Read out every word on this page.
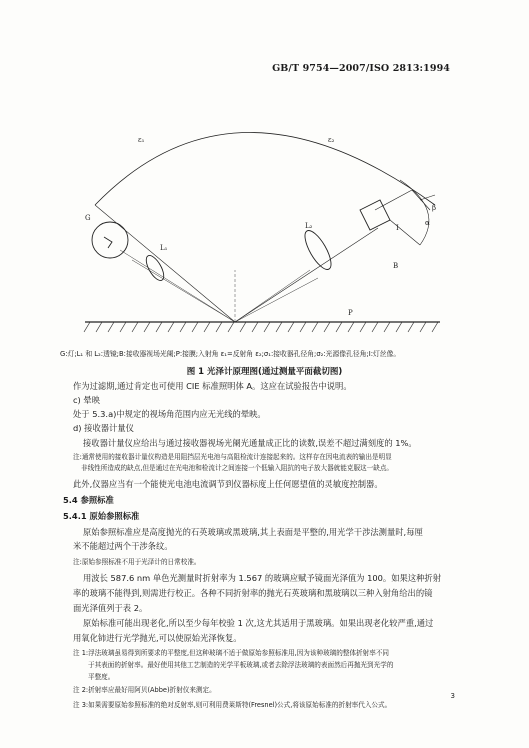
GB/T 9754—2007/ISO 2813:1994
G
L₁
L₂
B
P
ε₁	ε₂
β
α
I
G:灯;L₁ 和 L₂:透镜;B:接收器视场光阑;P:接膜;入射角 ε₁=反射角 ε₂;σ₁:接收器孔径角;σ₂:光源像孔径角;I:灯丝像。
图 1 光泽计原理图(通过测量平面截切图)
作为过滤期,通过肯定也可使用 CIE 标准照明体 A。这应在试验报告中说明。
c) 晕映
处于 5.3.a)中规定的视场角范围内应无光线的晕映。
d) 接收器计量仪
接收器计量仪应给出与通过接收器视场光阑光通量成正比的读数,误差不超过满刻度的 1%。
注:通常使用的接收器计量仪构造是用阻挡层光电池与高阻检流计连接起来的。这样存在因电流表的输出是明显
非线性所造成的缺点,但是通过在光电池和检流计之间连接一个低输入阻抗的电子放大器就能克服这一缺点。
此外,仪器应当有一个能使光电池电流调节到仪器标度上任何愿望值的灵敏度控制器。
5.4 参照标准
5.4.1 原始参照标准
原始参照标准应是高度抛光的石英玻璃或黑玻璃,其上表面是平整的,用光学干涉法测量时,每厘
米不能超过两个干涉条纹。
注:原始参照标准不用于光泽计的日常校准。
用波长 587.6 nm 单色光测量时折射率为 1.567 的玻璃应赋予镜面光泽值为 100。如果这种折射
率的玻璃不能得到,则需进行校正。各种不同折射率的抛光石英玻璃和黑玻璃以三种入射角给出的镜
面光泽值列于表 2。
原始标准可能出现老化,所以至少每年校验 1 次,这尤其适用于黑玻璃。如果出现老化较严重,通过
用氧化铈进行光学抛光,可以使原始光泽恢复。
注 1:浮法玻璃虽易得到所要求的平整度,但这种玻璃不适于做原始参照标准用,因为该种玻璃的整体折射率不同
于其表面的折射率。最好使用其他工艺制造的光学平板玻璃,或者去除浮法玻璃的表面然后再抛光到光学的
平整度。
注 2:折射率应最好用阿贝(Abbe)折射仪来测定。
注 3:如果需要原始参照标准的绝对反射率,则可利用费莱斯特(Fresnel)公式,将该原始标准的折射率代入公式。
3
